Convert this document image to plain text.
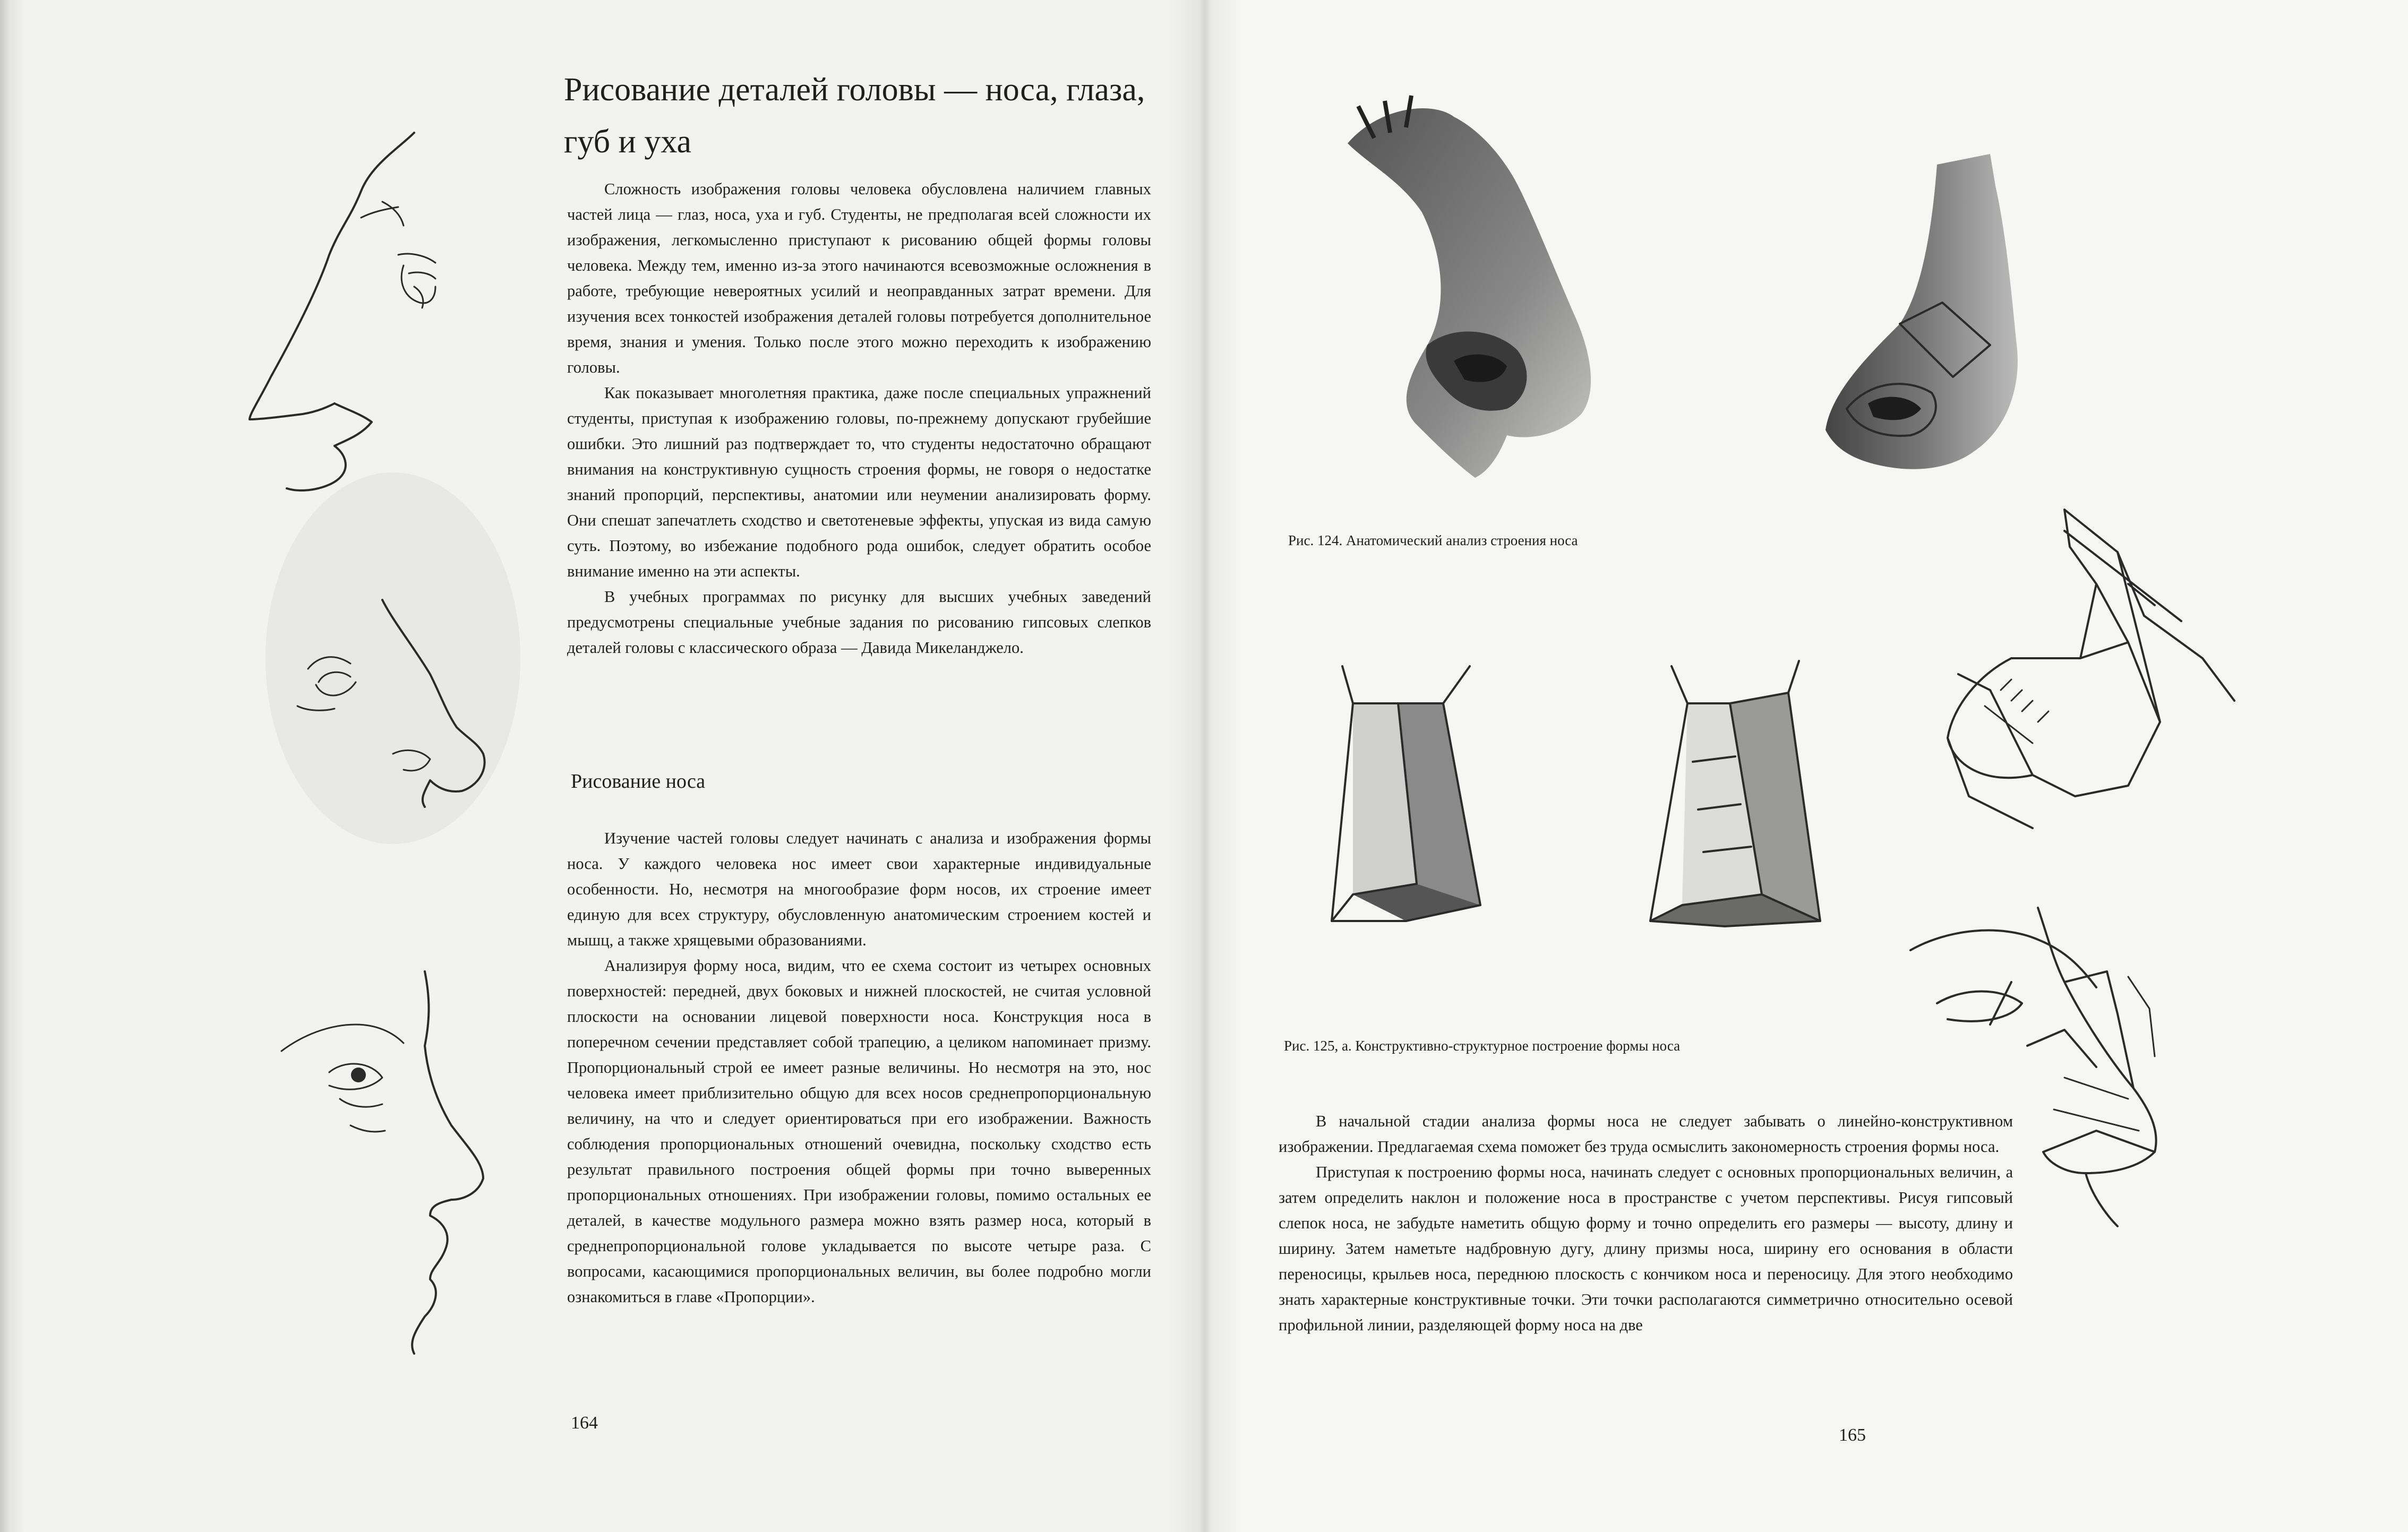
Рисование деталей головы — носа, глаза, губ и уха

Сложность изображения головы человека обусловлена наличием главных частей лица — глаз, носа, уха и губ. Студенты, не предполагая всей сложности их изображения, легкомысленно приступают к рисованию общей формы головы человека. Между тем, именно из-за этого начинаются всевозможные осложнения в работе, требующие невероятных усилий и неоправданных затрат времени. Для изучения всех тонкостей изображения деталей головы потребуется дополнительное время, знания и умения. Только после этого можно переходить к изображению головы.

Как показывает многолетняя практика, даже после специальных упражнений студенты, приступая к изображению головы, по-прежнему допускают грубейшие ошибки. Это лишний раз подтверждает то, что студенты недостаточно обращают внимания на конструктивную сущность строения формы, не говоря о недостатке знаний пропорций, перспективы, анатомии или неумении анализировать форму. Они спешат запечатлеть сходство и светотеневые эффекты, упуская из вида самую суть. Поэтому, во избежание подобного рода ошибок, следует обратить особое внимание именно на эти аспекты.

В учебных программах по рисунку для высших учебных заведений предусмотрены специальные учебные задания по рисованию гипсовых слепков деталей головы с классического образа — Давида Микеланджело.

Рисование носа

Изучение частей головы следует начинать с анализа и изображения формы носа. У каждого человека нос имеет свои характерные индивидуальные особенности. Но, несмотря на многообразие форм носов, их строение имеет единую для всех структуру, обусловленную анатомическим строением костей и мышц, а также хрящевыми образованиями.

Анализируя форму носа, видим, что ее схема состоит из четырех основных поверхностей: передней, двух боковых и нижней плоскостей, не считая условной плоскости на основании лицевой поверхности носа. Конструкция носа в поперечном сечении представляет собой трапецию, а целиком напоминает призму. Пропорциональный строй ее имеет разные величины. Но несмотря на это, нос человека имеет приблизительно общую для всех носов среднепропорциональную величину, на что и следует ориентироваться при его изображении. Важность соблюдения пропорциональных отношений очевидна, поскольку сходство есть результат правильного построения общей формы при точно выверенных пропорциональных отношениях. При изображении головы, помимо остальных ее деталей, в качестве модульного размера можно взять размер носа, который в среднепропорциональной голове укладывается по высоте четыре раза. С вопросами, касающимися пропорциональных величин, вы более подробно могли ознакомиться в главе «Пропорции».

164
Рис. 124. Анатомический анализ строения носа
Рис. 125, а. Конструктивно-структурное построение формы носа

В начальной стадии анализа формы носа не следует забывать о линейно-конструктивном изображении. Предлагаемая схема поможет без труда осмыслить закономерность строения формы носа.

Приступая к построению формы носа, начинать следует с основных пропорциональных величин, а затем определить наклон и положение носа в пространстве с учетом перспективы. Рисуя гипсовый слепок носа, не забудьте наметить общую форму и точно определить его размеры — высоту, длину и ширину. Затем наметьте надбровную дугу, длину призмы носа, ширину его основания в области переносицы, крыльев носа, переднюю плоскость с кончиком носа и переносицу. Для этого необходимо знать характерные конструктивные точки. Эти точки располагаются симметрично относительно осевой профильной линии, разделяющей форму носа на две

165
